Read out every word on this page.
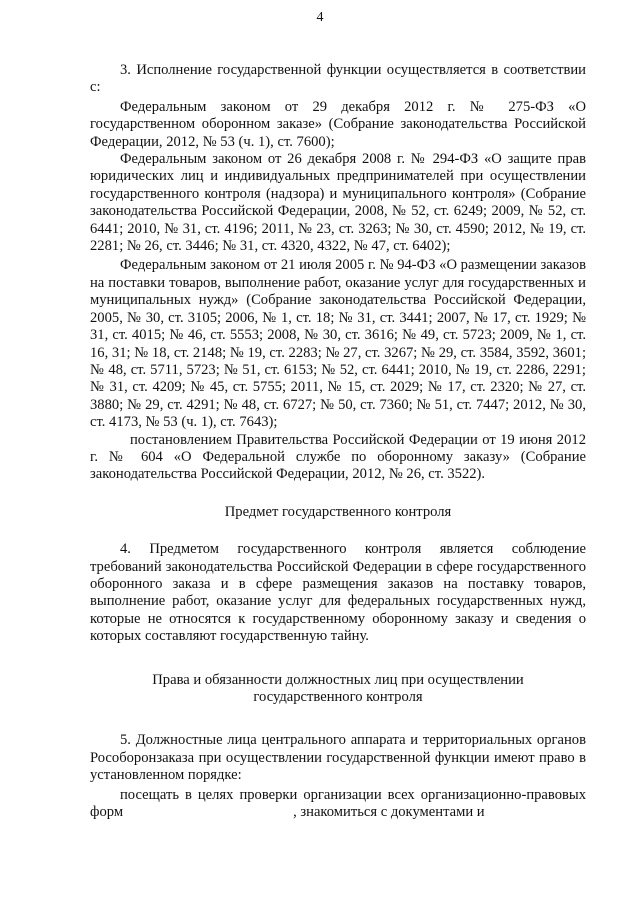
4

3. Исполнение государственной функции осуществляется в соответствии с:

Федеральным законом от 29 декабря 2012 г. № 275-ФЗ «О государственном оборонном заказе» (Собрание законодательства Российской Федерации, 2012, № 53 (ч. 1), ст. 7600);

Федеральным законом от 26 декабря 2008 г. № 294-ФЗ «О защите прав юридических лиц и индивидуальных предпринимателей при осуществлении государственного контроля (надзора) и муниципального контроля» (Собрание законодательства Российской Федерации, 2008, № 52, ст. 6249; 2009, № 52, ст. 6441; 2010, № 31, ст. 4196; 2011, № 23, ст. 3263; № 30, ст. 4590; 2012, № 19, ст. 2281; № 26, ст. 3446; № 31, ст. 4320, 4322, № 47, ст. 6402);

Федеральным законом от 21 июля 2005 г. № 94-ФЗ «О размещении заказов на поставки товаров, выполнение работ, оказание услуг для государственных и муниципальных нужд» (Собрание законодательства Российской Федерации, 2005, № 30, ст. 3105; 2006, № 1, ст. 18; № 31, ст. 3441; 2007, № 17, ст. 1929; № 31, ст. 4015; № 46, ст. 5553; 2008, № 30, ст. 3616; № 49, ст. 5723; 2009, № 1, ст. 16, 31; № 18, ст. 2148; № 19, ст. 2283; № 27, ст. 3267; № 29, ст. 3584, 3592, 3601; № 48, ст. 5711, 5723; № 51, ст. 6153; № 52, ст. 6441; 2010, № 19, ст. 2286, 2291; № 31, ст. 4209; № 45, ст. 5755; 2011, № 15, ст. 2029; № 17, ст. 2320; № 27, ст. 3880; № 29, ст. 4291; № 48, ст. 6727; № 50, ст. 7360; № 51, ст. 7447; 2012, № 30, ст. 4173, № 53 (ч. 1), ст. 7643);

постановлением Правительства Российской Федерации от 19 июня 2012 г. № 604 «О Федеральной службе по оборонному заказу» (Собрание законодательства Российской Федерации, 2012, № 26, ст. 3522).

Предмет государственного контроля

4. Предметом государственного контроля является соблюдение требований законодательства Российской Федерации в сфере государственного оборонного заказа и в сфере размещения заказов на поставку товаров, выполнение работ, оказание услуг для федеральных государственных нужд, которые не относятся к государственному оборонному заказу и сведения о которых составляют государственную тайну.

Права и обязанности должностных лиц при осуществлении

государственного контроля

5. Должностные лица центрального аппарата и территориальных органов Рособоронзаказа при осуществлении государственной функции имеют право в установленном порядке:

посещать в целях проверки организации всех организационно-правовых форм	, знакомиться с документами и
